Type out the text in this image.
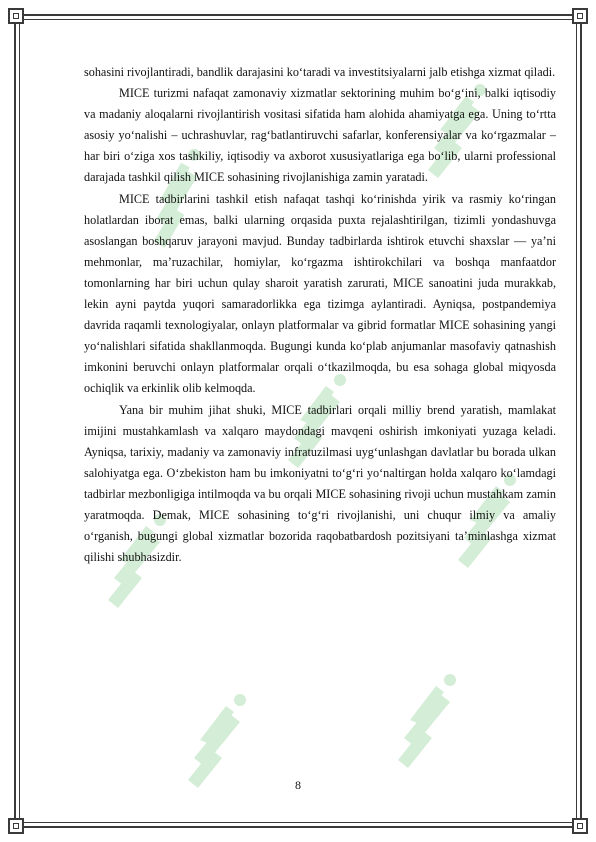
sohasini rivojlantiradi, bandlik darajasini ko‘taradi va investitsiyalarni jalb etishga xizmat qiladi.

MICE turizmi nafaqat zamonaviy xizmatlar sektorining muhim bo‘g‘ini, balki iqtisodiy va madaniy aloqalarni rivojlantirish vositasi sifatida ham alohida ahamiyatga ega. Uning to‘rtta asosiy yo‘nalishi – uchrashuvlar, rag‘batlantiruvchi safarlar, konferensiyalar va ko‘rgazmalar – har biri o‘ziga xos tashkiliy, iqtisodiy va axborot xususiyatlariga ega bo‘lib, ularni professional darajada tashkil qilish MICE sohasining rivojlanishiga zamin yaratadi.

MICE tadbirlarini tashkil etish nafaqat tashqi ko‘rinishda yirik va rasmiy ko‘ringan holatlardan iborat emas, balki ularning orqasida puxta rejalashtirilgan, tizimli yondashuvga asoslangan boshqaruv jarayoni mavjud. Bunday tadbirlarda ishtirok etuvchi shaxslar — ya’ni mehmonlar, ma’ruzachilar, homiylar, ko‘rgazma ishtirokchilari va boshqa manfaatdor tomonlarning har biri uchun qulay sharoit yaratish zarurati, MICE sanoatini juda murakkab, lekin ayni paytda yuqori samaradorlikka ega tizimga aylantiradi. Ayniqsa, postpandemiya davrida raqamli texnologiyalar, onlayn platformalar va gibrid formatlar MICE sohasining yangi yo‘nalishlari sifatida shakllanmoqda. Bugungi kunda ko‘plab anjumanlar masofaviy qatnashish imkonini beruvchi onlayn platformalar orqali o‘tkazilmoqda, bu esa sohaga global miqyosda ochiqlik va erkinlik olib kelmoqda.

Yana bir muhim jihat shuki, MICE tadbirlari orqali milliy brend yaratish, mamlakat imijini mustahkamlash va xalqaro maydondagi mavqeni oshirish imkoniyati yuzaga keladi. Ayniqsa, tarixiy, madaniy va zamonaviy infratuzilmasi uyg‘unlashgan davlatlar bu borada ulkan salohiyatga ega. O‘zbekiston ham bu imkoniyatni to‘g‘ri yo‘naltirgan holda xalqaro ko‘lamdagi tadbirlar mezbonligiga intilmoqda va bu orqali MICE sohasining rivoji uchun mustahkam zamin yaratmoqda. Demak, MICE sohasining to‘g‘ri rivojlanishi, uni chuqur ilmiy va amaliy o‘rganish, bugungi global xizmatlar bozorida raqobatbardosh pozitsiyani ta’minlashga xizmat qilishi shubhasizdir.

8
